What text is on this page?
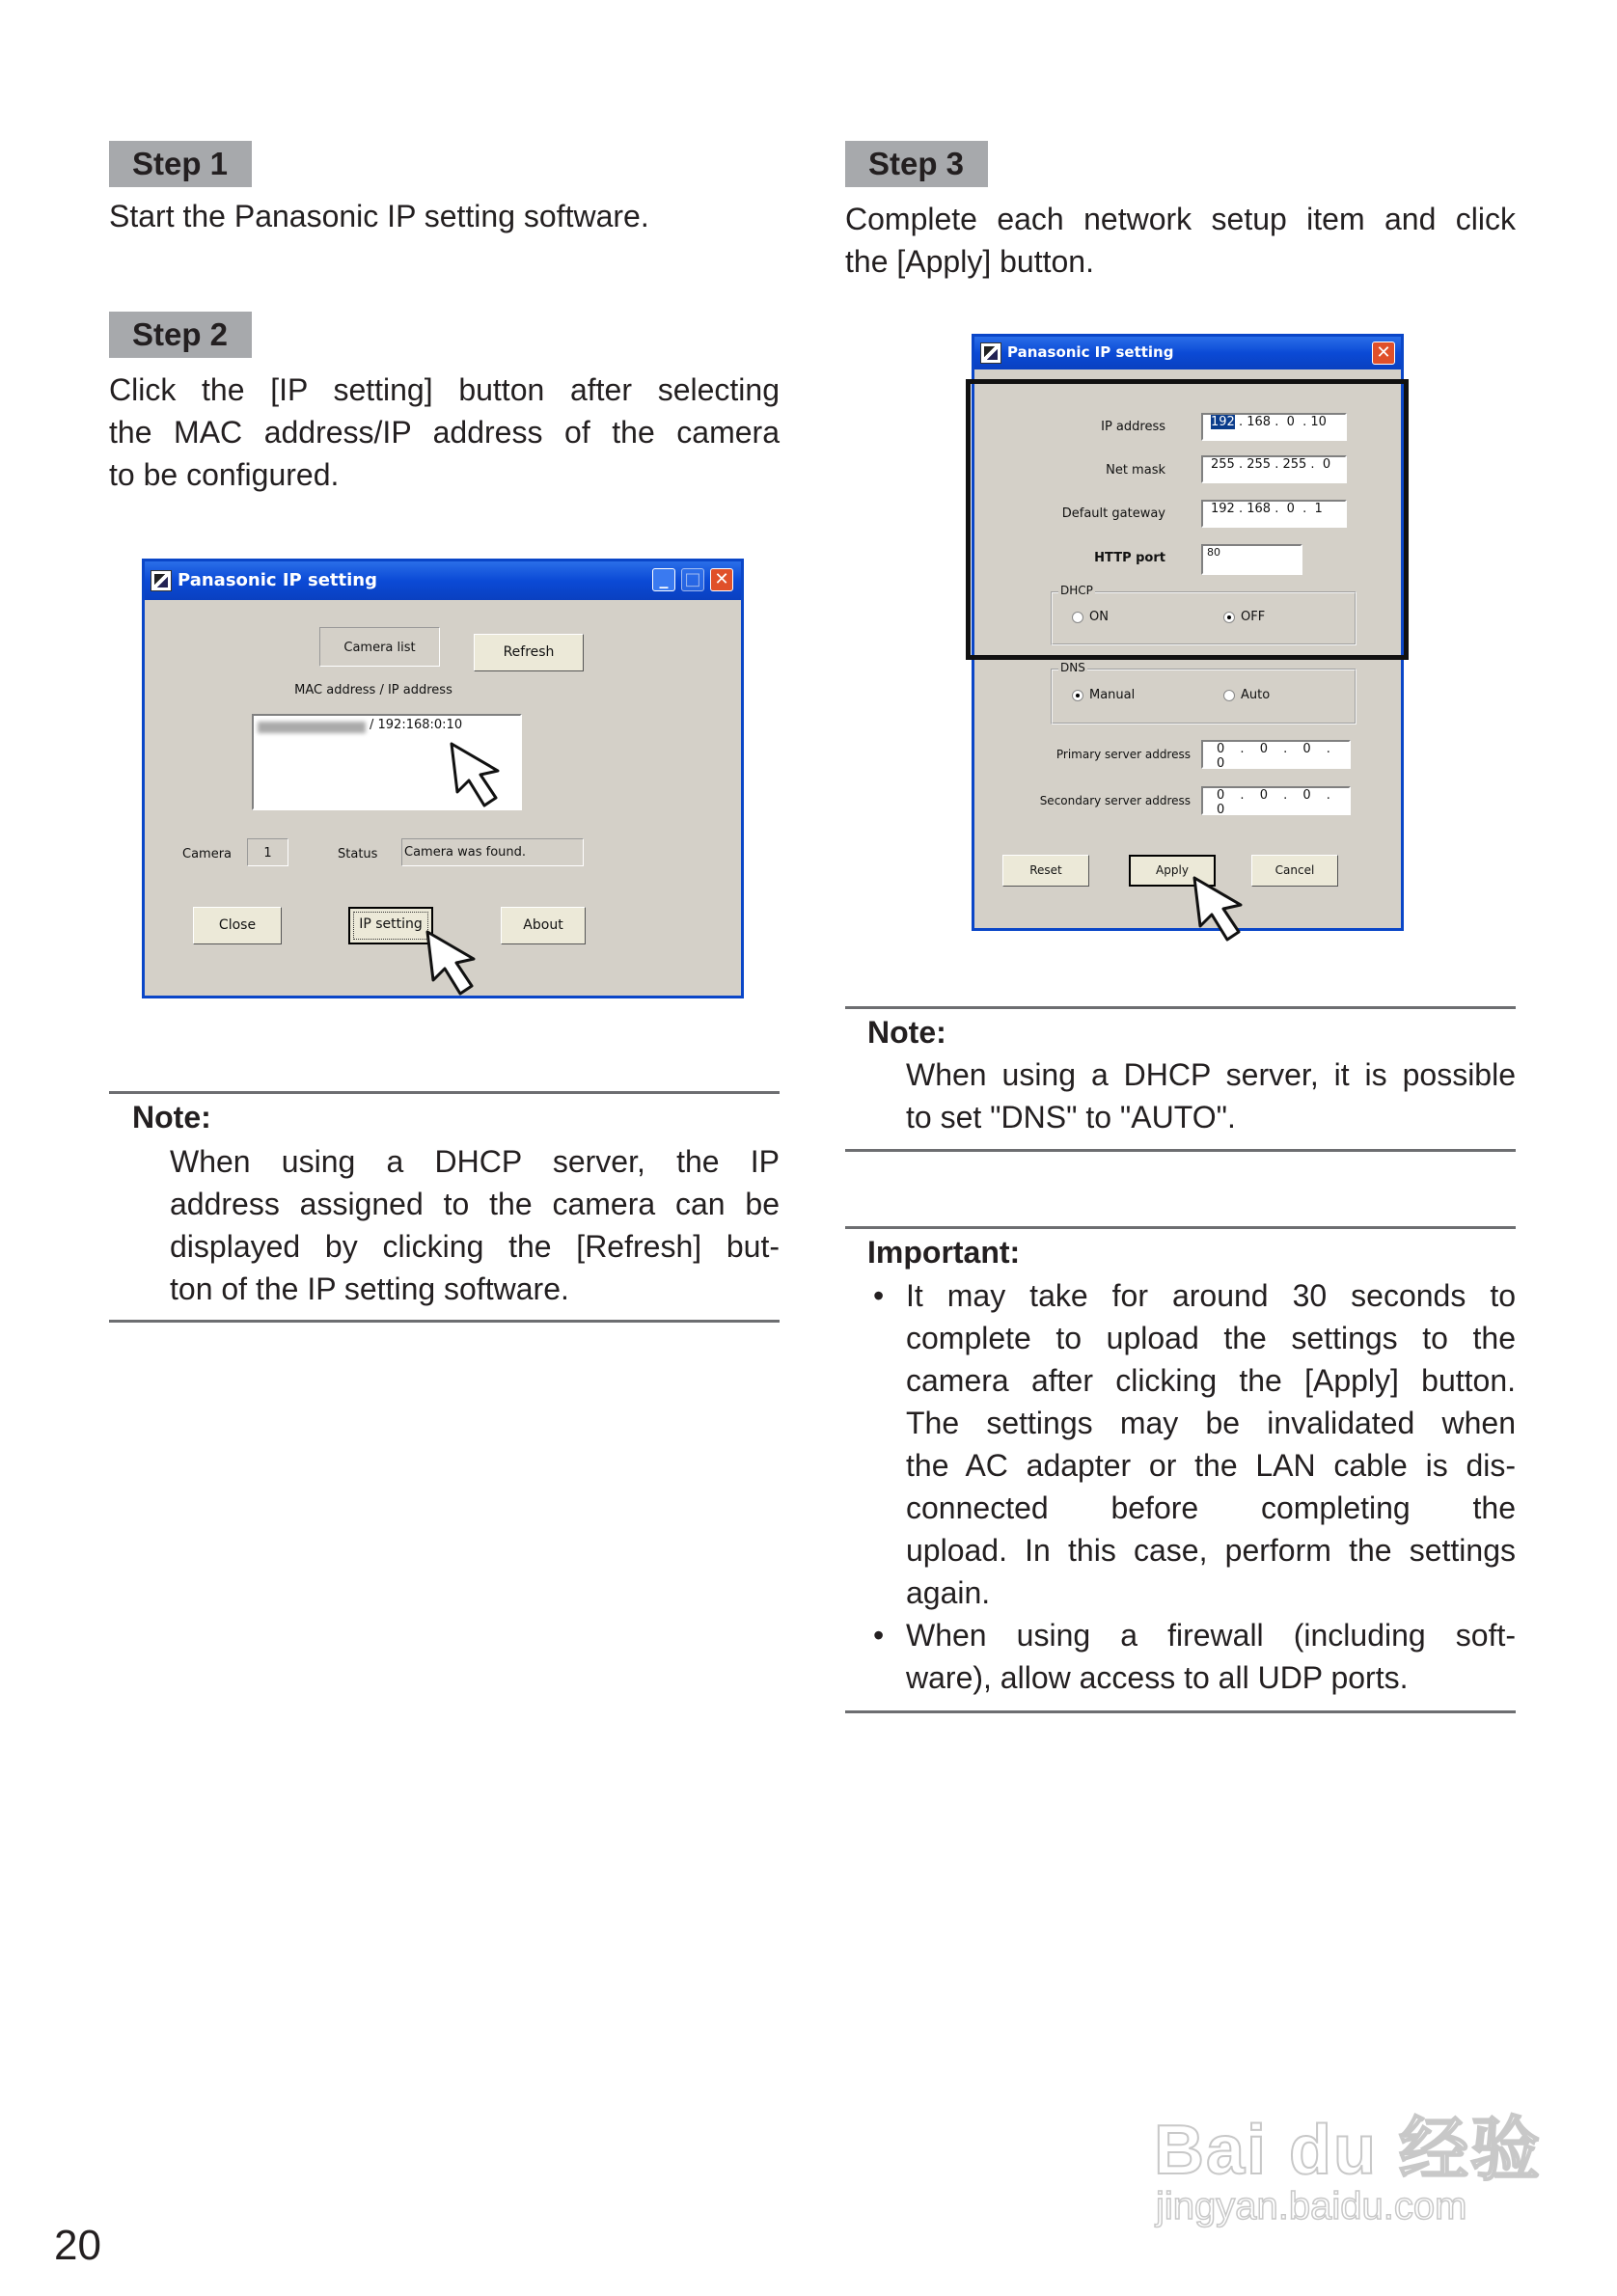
Step 1
Start the Panasonic IP setting software.
Step 2
Click the [IP setting] button after selecting
the MAC address/IP address of the camera
to be configured.
Panasonic IP setting	_ □ ✕
Camera list	Refresh
MAC address / IP address
/ 192:168:0:10
Camera	1	Status Camera was found.
Close	IP setting	About
Note:
When using a DHCP server, the IP
address assigned to the camera can be
displayed by clicking the [Refresh] but-
ton of the IP setting software.
Step 3
Complete each network setup item and click
the [Apply] button.
Panasonic IP setting	✕
IP address	192 . 168 .  0  . 10
Net mask	255 . 255 . 255 .  0
Default gateway	192 . 168 .  0  .  1
HTTP port	80
DHCP
ON	OFF
DNS
Manual	Auto
Primary server address	0 . 0 . 0 . 0
Secondary server address	0 . 0 . 0 . 0
Reset	Apply	Cancel
Note:
When using a DHCP server, it is possible
to set "DNS" to "AUTO".
Important:
• It may take for around 30 seconds to
complete to upload the settings to the
camera after clicking the [Apply] button.
The settings may be invalidated when
the AC adapter or the LAN cable is dis-
connected before completing the
upload. In this case, perform the settings
again.
• When using a firewall (including soft-
ware), allow access to all UDP ports.
20
Bai du 经验
jingyan.baidu.com
